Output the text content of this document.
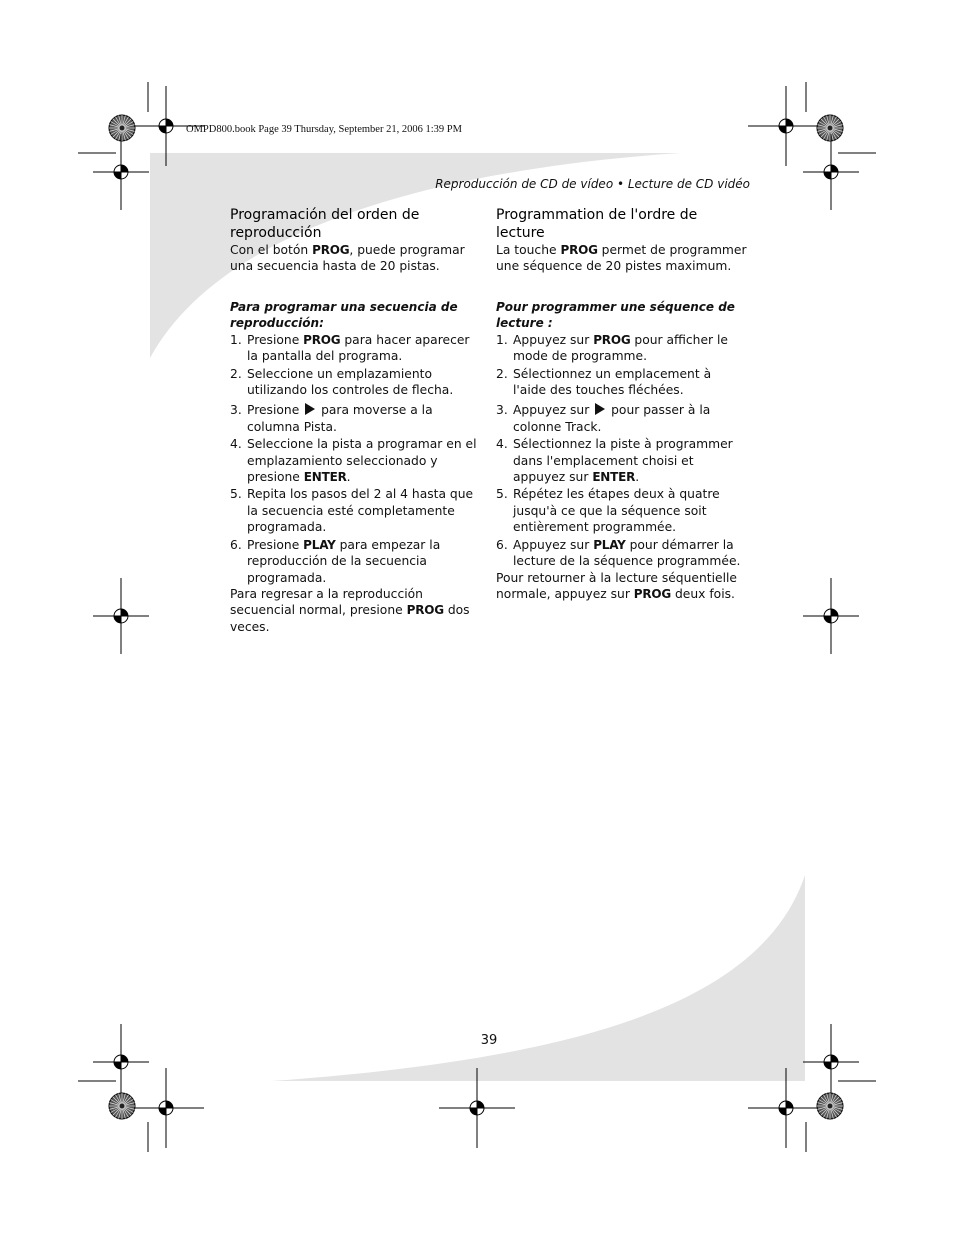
OMPD800.book Page 39 Thursday, September 21, 2006 1:39 PM
Reproducción de CD de vídeo • Lecture de CD vidéo
Programación del orden de reproducción

Con el botón PROG, puede programar una secuencia hasta de 20 pistas.

Para programar una secuencia de reproducción:

1. Presione PROG para hacer aparecer la pantalla del programa.
2. Seleccione un emplazamiento utilizando los controles de flecha.
3. Presione  para moverse a la columna Pista.
4. Seleccione la pista a programar en el emplazamiento seleccionado y presione ENTER.
5. Repita los pasos del 2 al 4 hasta que la secuencia esté completamente programada.
6. Presione PLAY para empezar la reproducción de la secuencia programada.

Para regresar a la reproducción secuencial normal, presione PROG dos veces.

Programmation de l'ordre de lecture

La touche PROG permet de programmer une séquence de 20 pistes maximum.

Pour programmer une séquence de lecture :

1. Appuyez sur PROG pour afficher le mode de programme.
2. Sélectionnez un emplacement à l'aide des touches fléchées.
3. Appuyez sur  pour passer à la colonne Track.
4. Sélectionnez la piste à programmer dans l'emplacement choisi et appuyez sur ENTER.
5. Répétez les étapes deux à quatre jusqu'à ce que la séquence soit entièrement programmée.
6. Appuyez sur PLAY pour démarrer la lecture de la séquence programmée.

Pour retourner à la lecture séquentielle normale, appuyez sur PROG deux fois.

39
